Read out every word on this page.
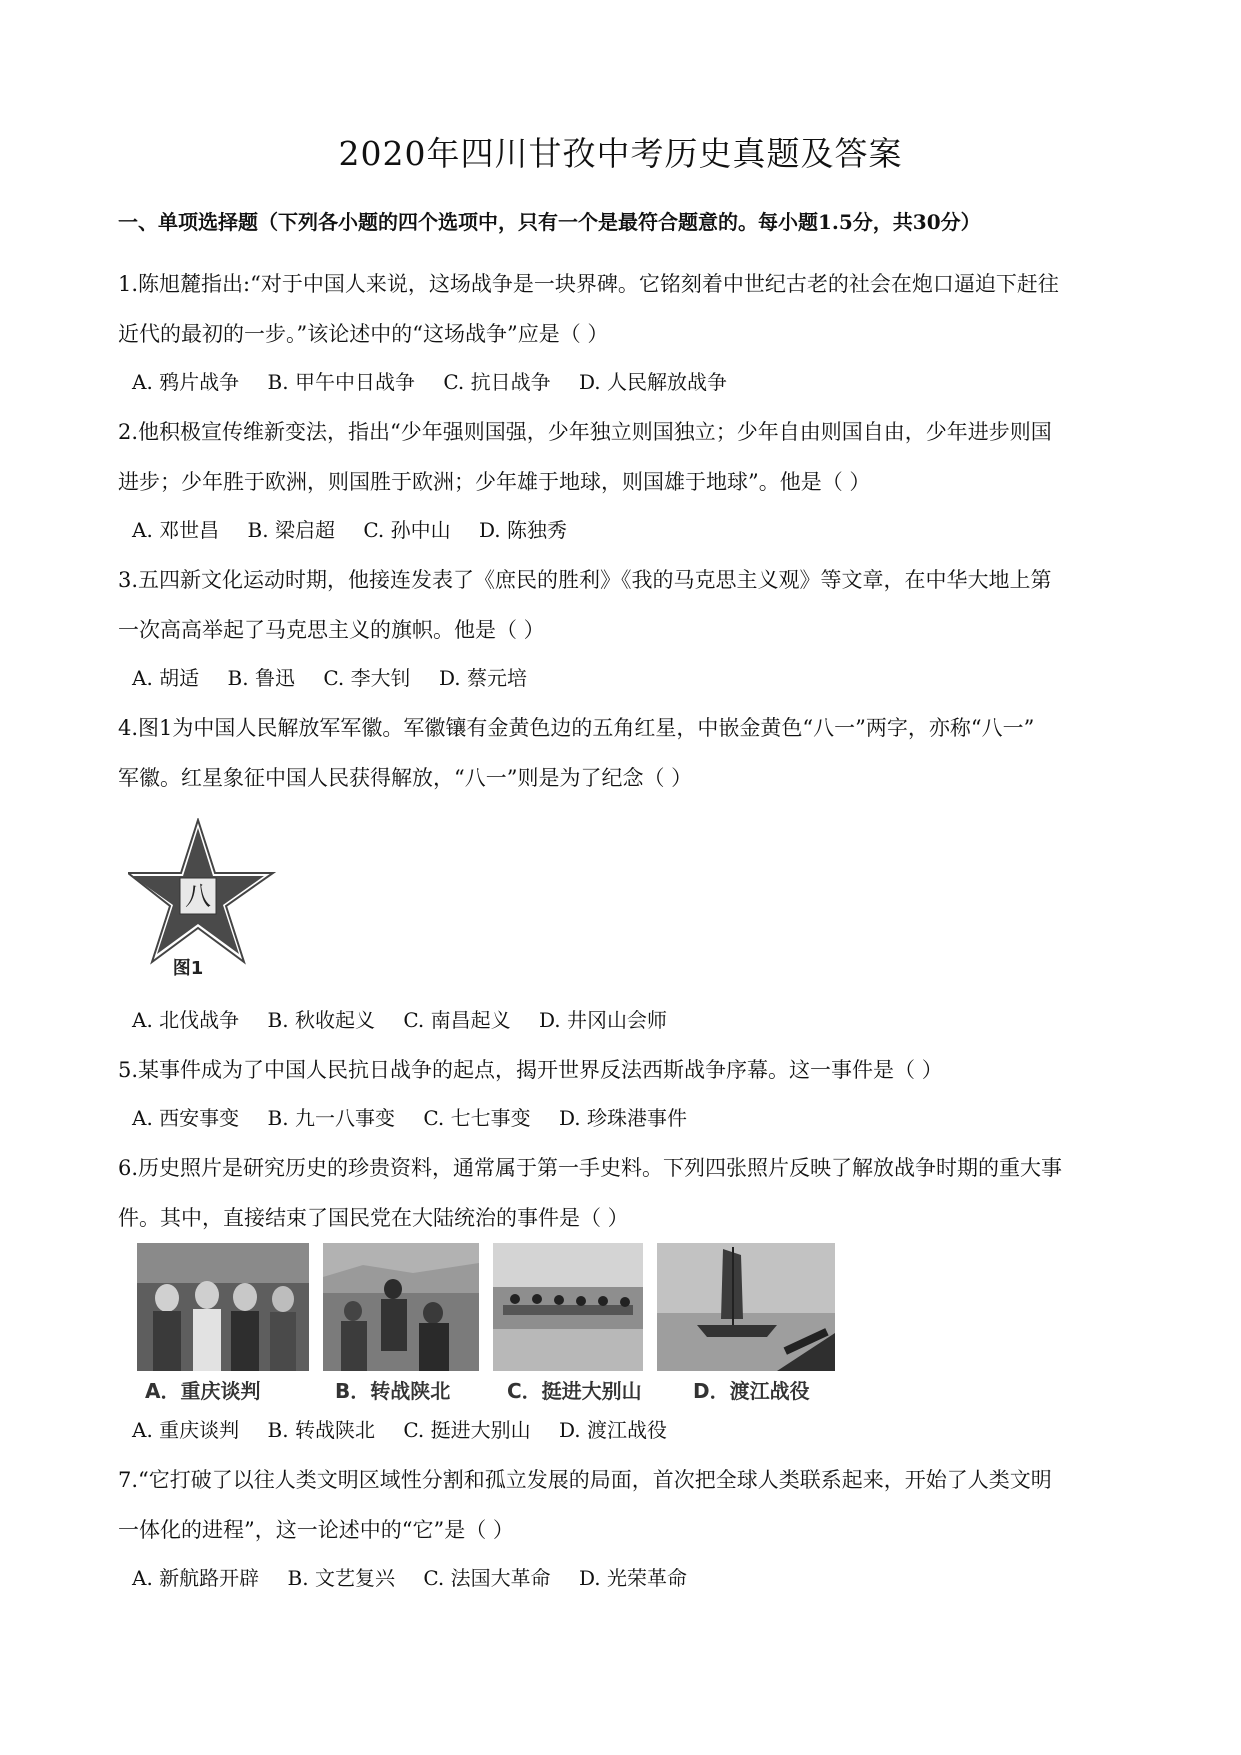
2020年四川甘孜中考历史真题及答案
一、单项选择题（下列各小题的四个选项中，只有一个是最符合题意的。每小题1.5分，共30分）
1.陈旭麓指出:“对于中国人来说，这场战争是一块界碑。它铭刻着中世纪古老的社会在炮口逼迫下赶往
近代的最初的一步。”该论述中的“这场战争”应是（ ）
A. 鸦片战争 B. 甲午中日战争 C. 抗日战争 D. 人民解放战争
2.他积极宣传维新变法，指出“少年强则国强，少年独立则国独立；少年自由则国自由，少年进步则国
进步；少年胜于欧洲，则国胜于欧洲；少年雄于地球，则国雄于地球”。他是（ ）
A. 邓世昌 B. 梁启超 C. 孙中山 D. 陈独秀
3.五四新文化运动时期，他接连发表了《庶民的胜利》《我的马克思主义观》等文章，在中华大地上第
一次高高举起了马克思主义的旗帜。他是（ ）
A. 胡适 B. 鲁迅 C. 李大钊 D. 蔡元培
4.图1为中国人民解放军军徽。军徽镶有金黄色边的五角红星，中嵌金黄色“八一”两字，亦称“八一”
军徽。红星象征中国人民获得解放，“八一”则是为了纪念（ ）
八
图1
A. 北伐战争 B. 秋收起义 C. 南昌起义 D. 井冈山会师
5.某事件成为了中国人民抗日战争的起点，揭开世界反法西斯战争序幕。这一事件是（ ）
A. 西安事变 B. 九一八事变 C. 七七事变 D. 珍珠港事件
6.历史照片是研究历史的珍贵资料，通常属于第一手史料。下列四张照片反映了解放战争时期的重大事
件。其中，直接结束了国民党在大陆统治的事件是（ ）
A．重庆谈判	B．转战陕北	C．挺进大别山	D．渡江战役
A. 重庆谈判 B. 转战陕北 C. 挺进大别山 D. 渡江战役
7.“它打破了以往人类文明区域性分割和孤立发展的局面，首次把全球人类联系起来，开始了人类文明
一体化的进程”，这一论述中的“它”是（ ）
A. 新航路开辟 B. 文艺复兴 C. 法国大革命 D. 光荣革命
